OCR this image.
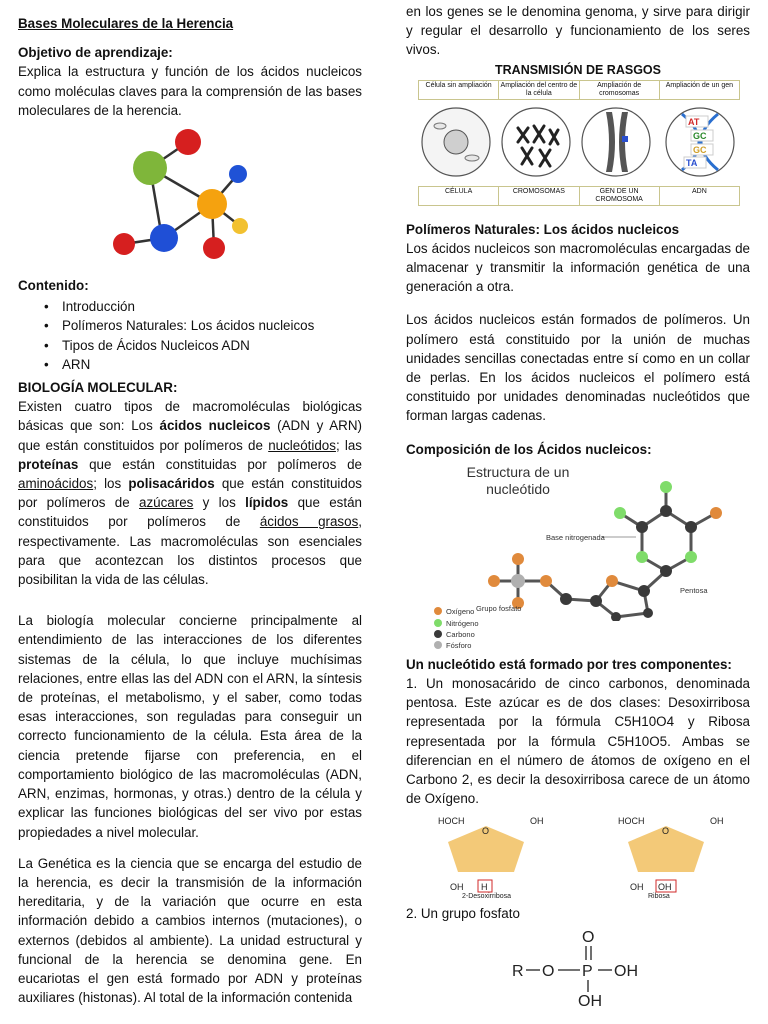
Bases Moleculares de la Herencia

Objetivo de aprendizaje:

Explica la estructura y función de los ácidos nucleicos como moléculas claves para la comprensión de las bases moleculares de la herencia.

Contenido:

• Introducción
• Polímeros Naturales: Los ácidos nucleicos
• Tipos de Ácidos Nucleicos ADN
• ARN

BIOLOGÍA MOLECULAR:

Existen cuatro tipos de macromoléculas biológicas básicas que son: Los ácidos nucleicos (ADN y ARN) que están constituidos por polímeros de nucleótidos; las proteínas que están constituidas por polímeros de aminoácidos; los polisacáridos que están constituidos por polímeros de azúcares y los lípidos que están constituidos por polímeros de ácidos grasos, respectivamente. Las macromoléculas son esenciales para que acontezcan los distintos procesos que posibilitan la vida de las células.

La biología molecular concierne principalmente al entendimiento de las interacciones de los diferentes sistemas de la célula, lo que incluye muchísimas relaciones, entre ellas las del ADN con el ARN, la síntesis de proteínas, el metabolismo, y el saber, como todas esas interacciones, son reguladas para conseguir un correcto funcionamiento de la célula. Esta área de la ciencia pretende fijarse con preferencia, en el comportamiento biológico de las macromoléculas (ADN, ARN, enzimas, hormonas, y otras.) dentro de la célula y explicar las funciones biológicas del ser vivo por estas propiedades a nivel molecular.

La Genética es la ciencia que se encarga del estudio de la herencia, es decir la transmisión de la información hereditaria, y de la variación que ocurre en esta información debido a cambios internos (mutaciones), o externos (debidos al ambiente). La unidad estructural y funcional de la herencia se denomina gene. En eucariotas el gen está formado por ADN y proteínas auxiliares (histonas). Al total de la información contenida

en los genes se le denomina genoma, y sirve para dirigir y regular el desarrollo y funcionamiento de los seres vivos.

TRANSMISIÓN DE RASGOS
Célula sin ampliación	Ampliación del centro de la célula
Ampliación de cromosomas
Ampliación de un gen
AT
GC
GC
TA
CÉLULA	CROMOSOMAS	GEN DE UN CROMOSOMA
ADN

Polímeros Naturales: Los ácidos nucleicos

Los ácidos nucleicos son macromoléculas encargadas de almacenar y transmitir la información genética de una generación a otra.

Los ácidos nucleicos están formados de polímeros. Un polímero está constituido por la unión de muchas unidades sencillas conectadas entre sí como en un collar de perlas. En los ácidos nucleicos el polímero está constituido por unidades denominadas nucleótidos que forman largas cadenas.

Composición de los Ácidos nucleicos:

Estructura de un
nucleótido
Base nitrogenada
Grupo fosfato
Pentosa
Oxígeno
Nitrógeno
Carbono
Fósforo

Un nucleótido está formado por tres componentes:

1. Un monosacárido de cinco carbonos, denominada pentosa. Este azúcar es de dos clases: Desoxirribosa representada por la fórmula C5H10O4 y Ribosa representada por la fórmula C5H10O5. Ambas se diferencian en el número de átomos de oxígeno en el Carbono 2, es decir la desoxirribosa carece de un átomo de Oxígeno.

HOCH
O
OH
OH H
2-Desoxirribosa
HOCH
O
OH
OH OH
Ribosa

2. Un grupo fosfato

O
R O P OH
OH
